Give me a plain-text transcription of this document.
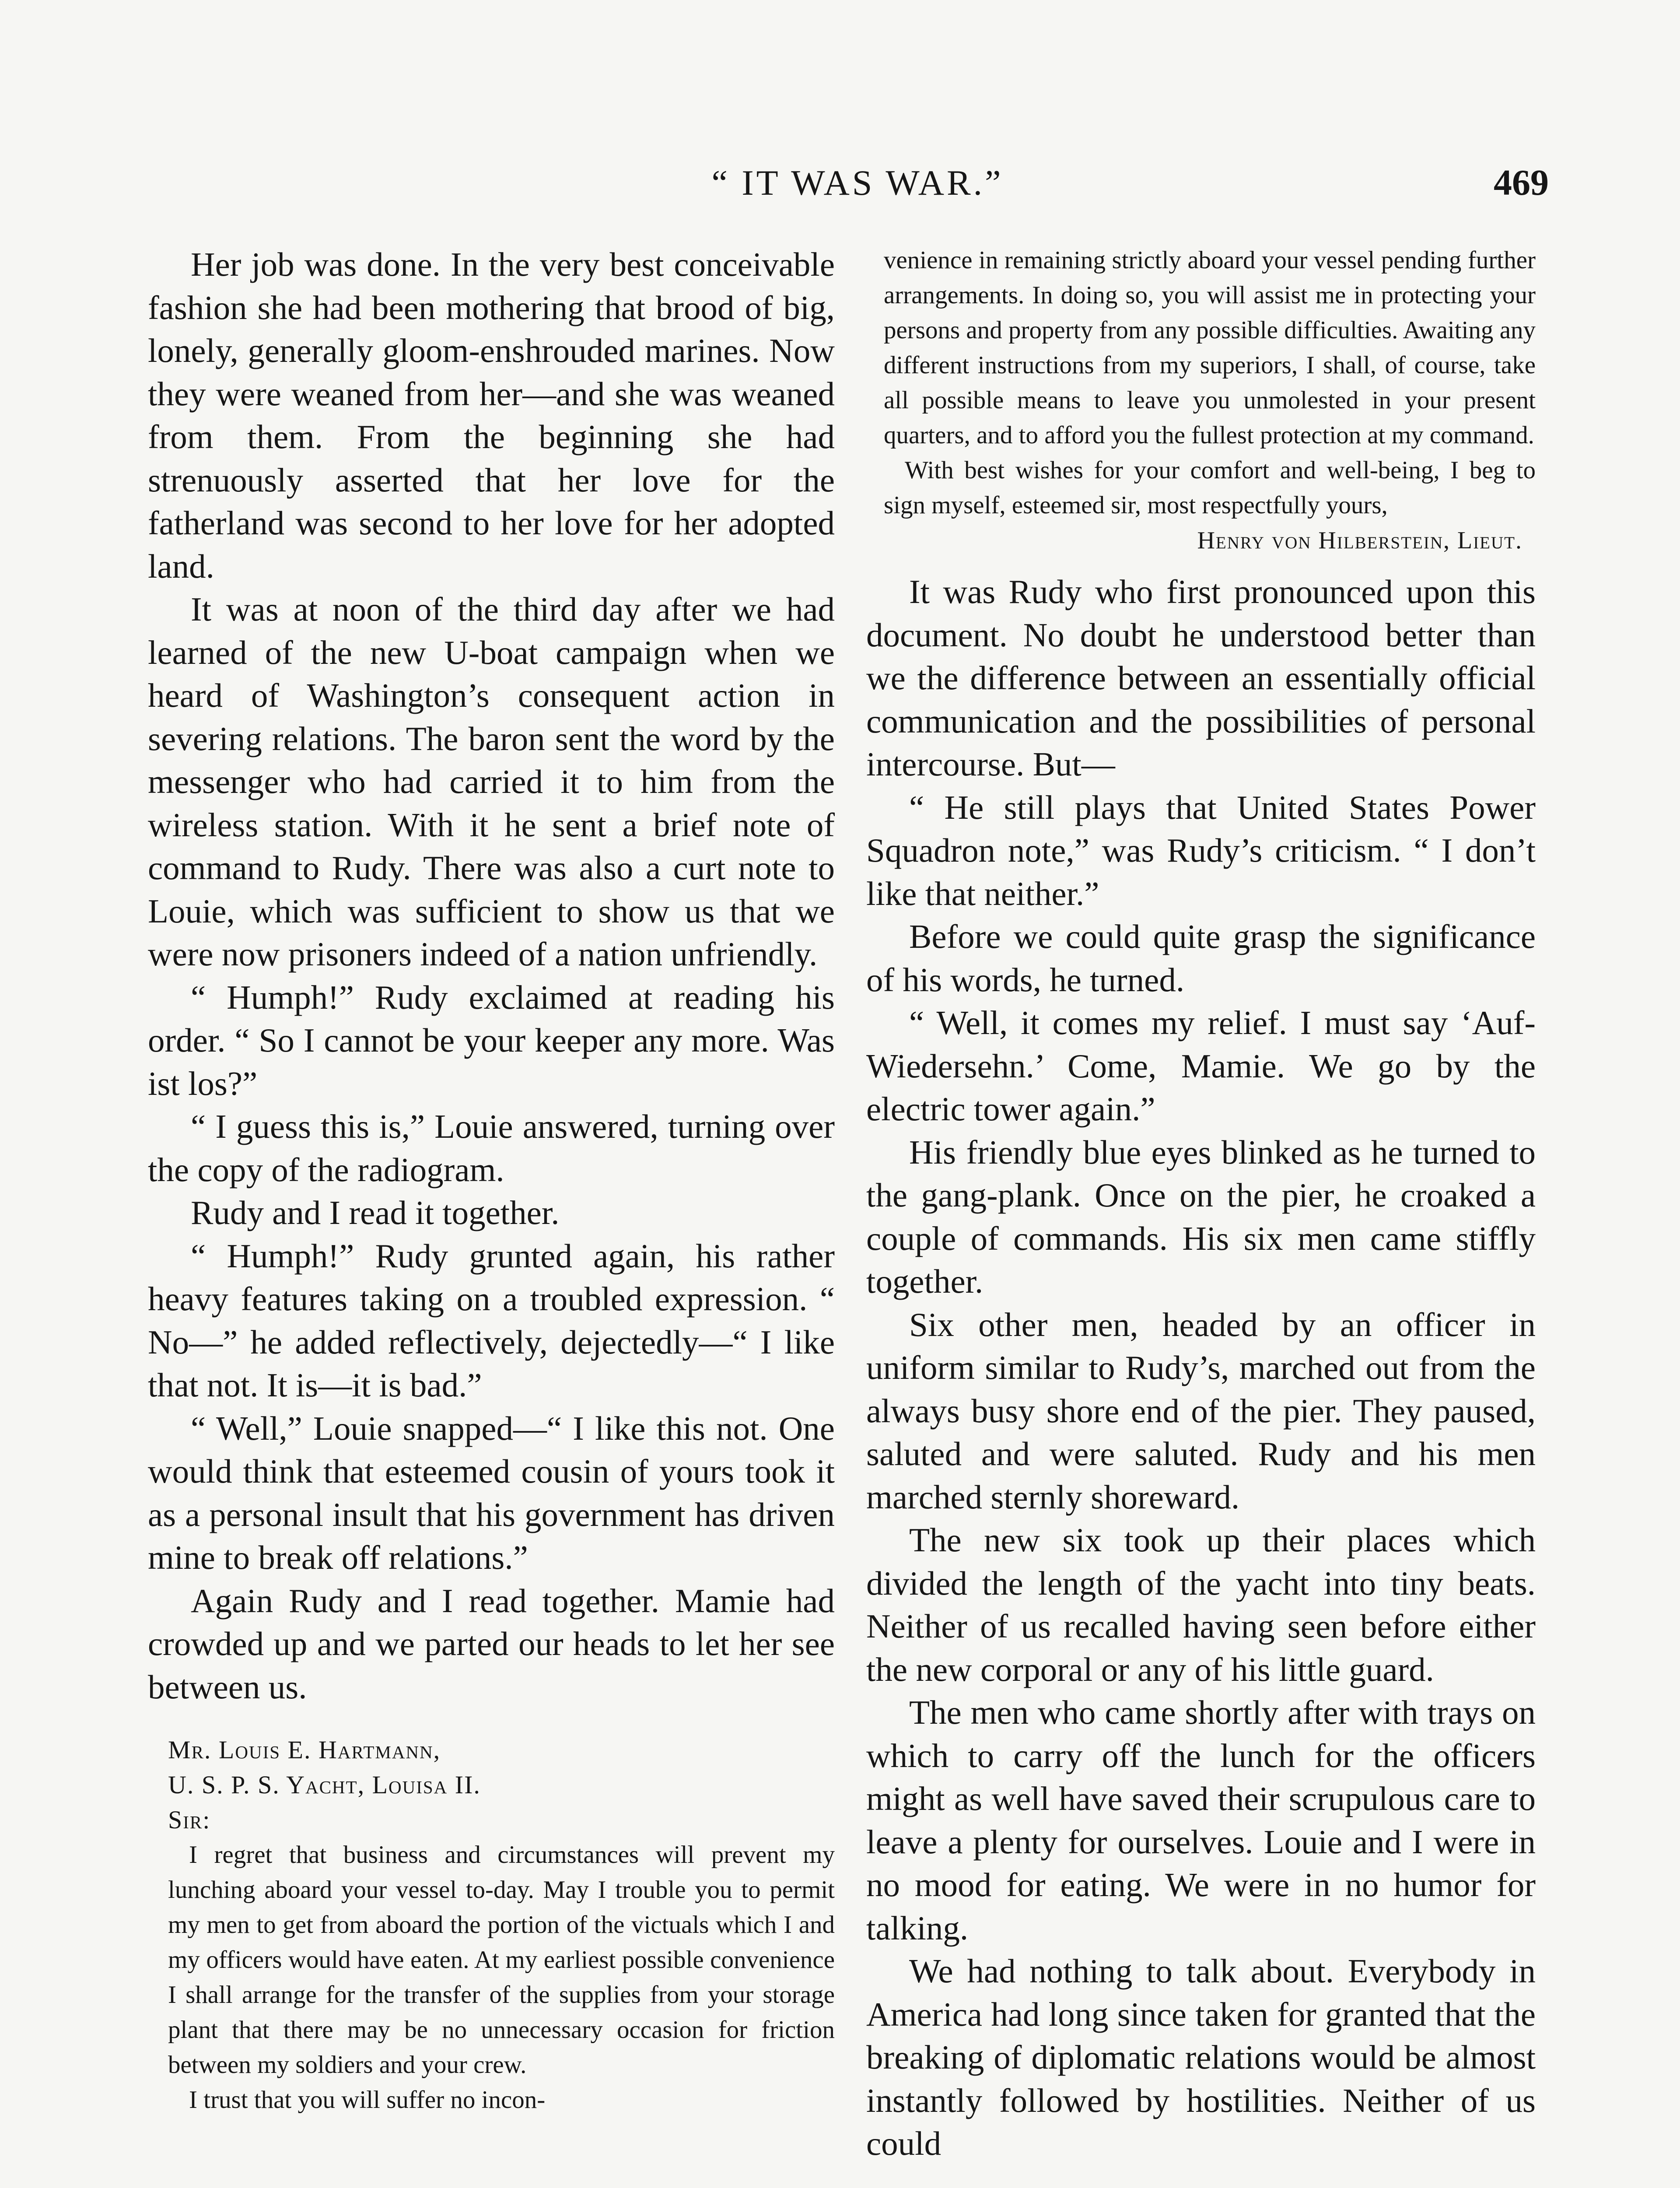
“ IT WAS WAR.”	469

Her job was done. In the very best conceivable fashion she had been mothering that brood of big, lonely, generally gloom-enshrouded marines. Now they were weaned from her—and she was weaned from them. From the beginning she had strenuously asserted that her love for the fatherland was second to her love for her adopted land.

It was at noon of the third day after we had learned of the new U-boat campaign when we heard of Washington’s consequent action in severing relations. The baron sent the word by the messenger who had carried it to him from the wireless station. With it he sent a brief note of command to Rudy. There was also a curt note to Louie, which was sufficient to show us that we were now prisoners indeed of a nation unfriendly.

“ Humph!” Rudy exclaimed at reading his order. “ So I cannot be your keeper any more. Was ist los?”

“ I guess this is,” Louie answered, turning over the copy of the radiogram.

Rudy and I read it together.

“ Humph!” Rudy grunted again, his rather heavy features taking on a troubled expression. “ No—” he added reflectively, dejectedly—“ I like that not. It is—it is bad.”

“ Well,” Louie snapped—“ I like this not. One would think that esteemed cousin of yours took it as a personal insult that his government has driven mine to break off relations.”

Again Rudy and I read together. Mamie had crowded up and we parted our heads to let her see between us.

Mr. Louis E. Hartmann,

U. S. P. S. Yacht, Louisa II.

Sir:

I regret that business and circumstances will prevent my lunching aboard your vessel to-day. May I trouble you to permit my men to get from aboard the portion of the victuals which I and my officers would have eaten. At my earliest possible convenience I shall arrange for the transfer of the supplies from your storage plant that there may be no unnecessary occasion for friction between my soldiers and your crew.

I trust that you will suffer no incon-

venience in remaining strictly aboard your vessel pending further arrangements. In doing so, you will assist me in protecting your persons and property from any possible difficulties. Awaiting any different instructions from my superiors, I shall, of course, take all possible means to leave you unmolested in your present quarters, and to afford you the fullest protection at my command.

With best wishes for your comfort and well-being, I beg to sign myself, esteemed sir, most respectfully yours,

Henry von Hilberstein, Lieut.

It was Rudy who first pronounced upon this document. No doubt he understood better than we the difference between an essentially official communication and the possibilities of personal intercourse. But—

“ He still plays that United States Power Squadron note,” was Rudy’s criticism. “ I don’t like that neither.”

Before we could quite grasp the significance of his words, he turned.

“ Well, it comes my relief. I must say ‘Auf-Wiedersehn.’ Come, Mamie. We go by the electric tower again.”

His friendly blue eyes blinked as he turned to the gang-plank. Once on the pier, he croaked a couple of commands. His six men came stiffly together.

Six other men, headed by an officer in uniform similar to Rudy’s, marched out from the always busy shore end of the pier. They paused, saluted and were saluted. Rudy and his men marched sternly shoreward.

The new six took up their places which divided the length of the yacht into tiny beats. Neither of us recalled having seen before either the new corporal or any of his little guard.

The men who came shortly after with trays on which to carry off the lunch for the officers might as well have saved their scrupulous care to leave a plenty for ourselves. Louie and I were in no mood for eating. We were in no humor for talking.

We had nothing to talk about. Everybody in America had long since taken for granted that the breaking of diplomatic relations would be almost instantly followed by hostilities. Neither of us could
